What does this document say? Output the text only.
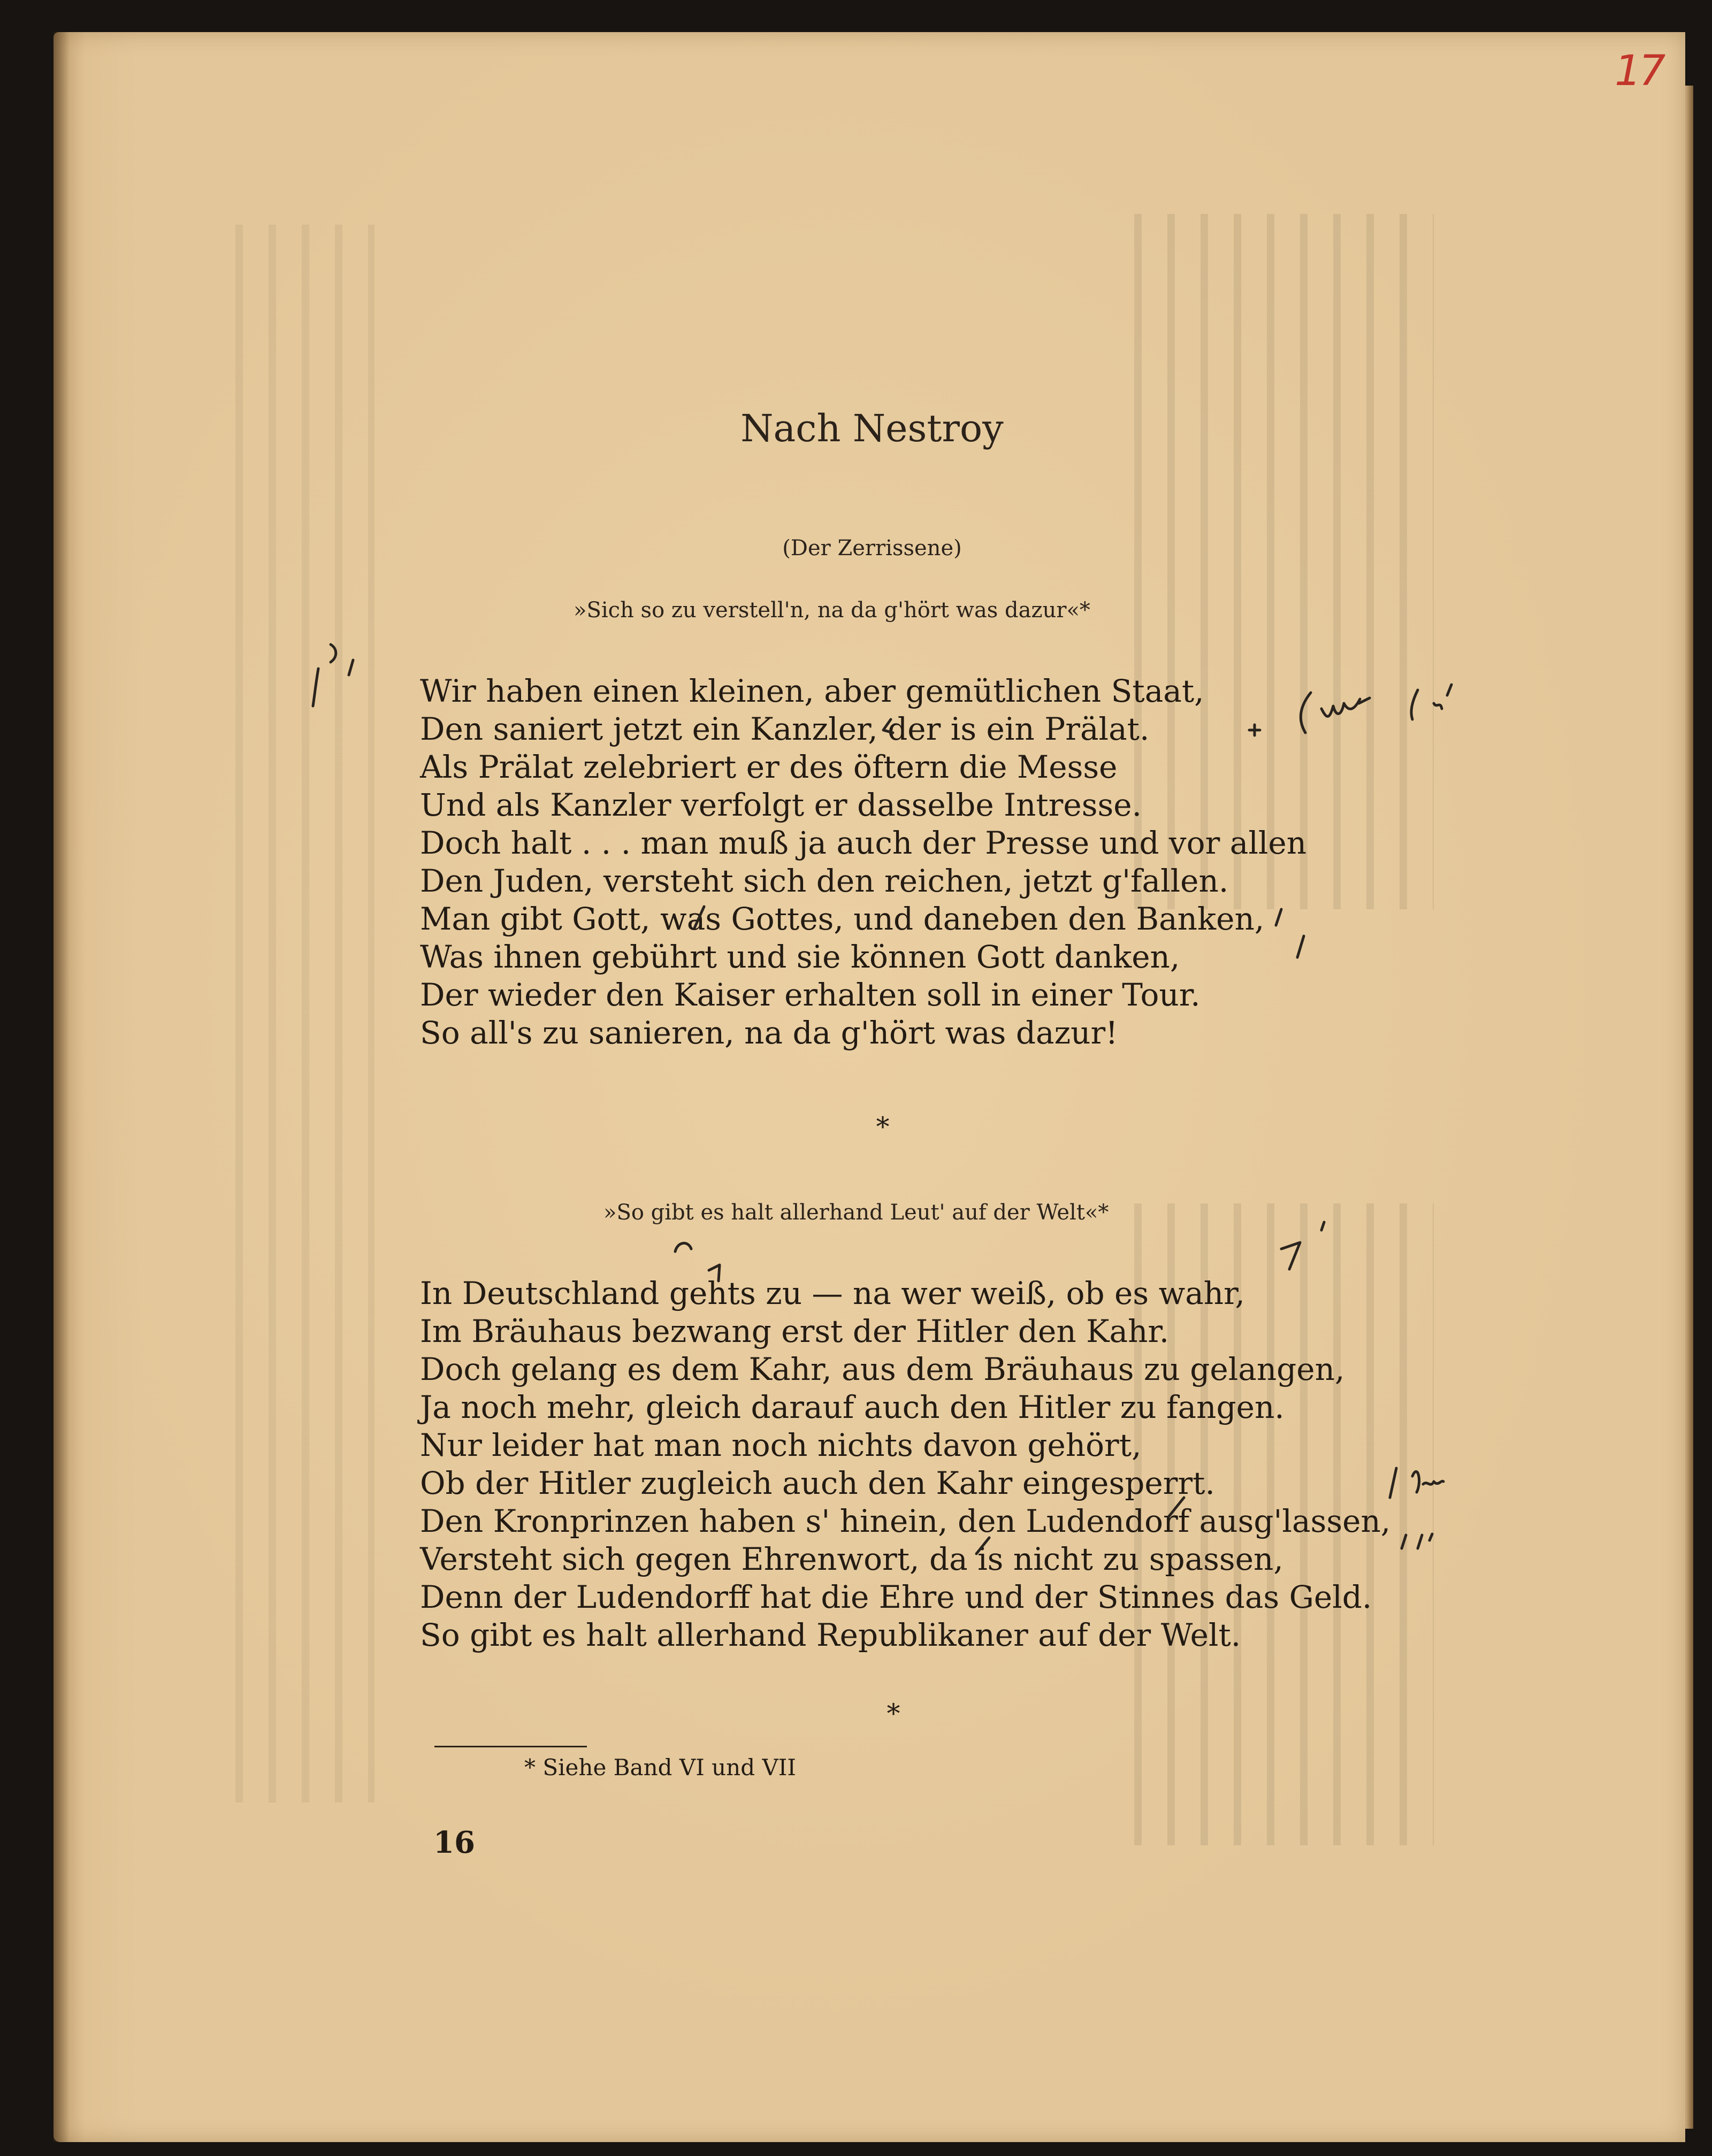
17
Nach Nestroy
(Der Zerrissene)
»Sich so zu verstell'n, na da g'hört was dazur«*
Wir haben einen kleinen, aber gemütlichen Staat,
Den saniert jetzt ein Kanzler, der is ein Prälat.
Als Prälat zelebriert er des öftern die Messe
Und als Kanzler verfolgt er dasselbe Intresse.
Doch halt . . . man muß ja auch der Presse und vor allen
Den Juden, versteht sich den reichen, jetzt g'fallen.
Man gibt Gott, was Gottes, und daneben den Banken,
Was ihnen gebührt und sie können Gott danken,
Der wieder den Kaiser erhalten soll in einer Tour.
So all's zu sanieren, na da g'hört was dazur!
*
»So gibt es halt allerhand Leut' auf der Welt«*
In Deutschland gehts zu — na wer weiß, ob es wahr,
Im Bräuhaus bezwang erst der Hitler den Kahr.
Doch gelang es dem Kahr, aus dem Bräuhaus zu gelangen,
Ja noch mehr, gleich darauf auch den Hitler zu fangen.
Nur leider hat man noch nichts davon gehört,
Ob der Hitler zugleich auch den Kahr eingesperrt.
Den Kronprinzen haben s' hinein, den Ludendorf ausg'lassen,
Versteht sich gegen Ehrenwort, da is nicht zu spassen,
Denn der Ludendorff hat die Ehre und der Stinnes das Geld.
So gibt es halt allerhand Republikaner auf der Welt.
*
* Siehe Band VI und VII
16
